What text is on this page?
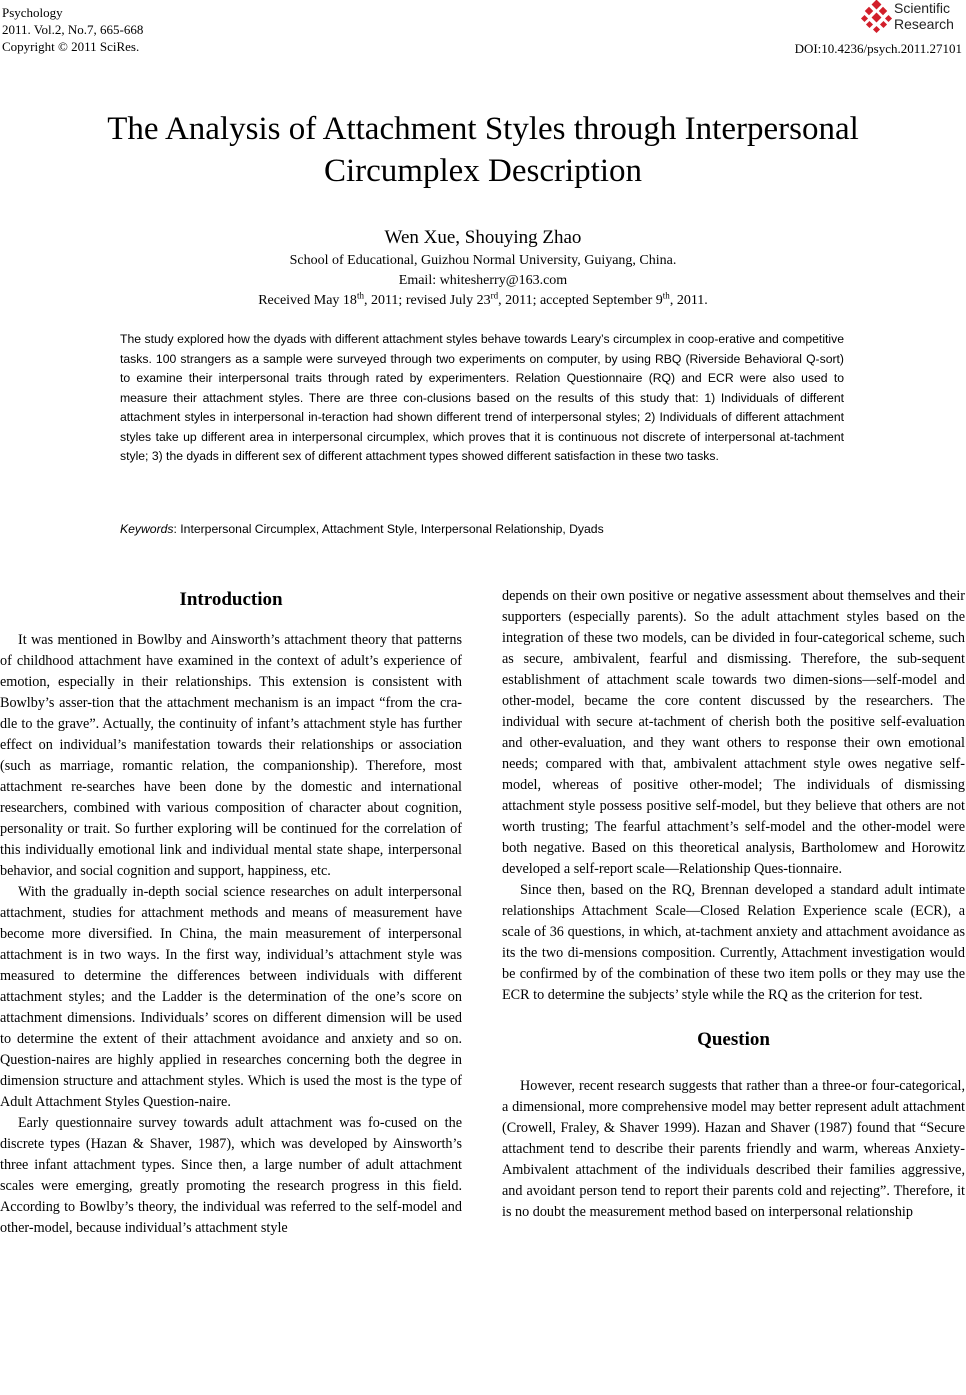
Psychology
2011. Vol.2, No.7, 665-668
Copyright © 2011 SciRes.
Scientific
Research
DOI:10.4236/psych.2011.27101
The Analysis of Attachment Styles through Interpersonal
Circumplex Description
Wen Xue, Shouying Zhao
School of Educational, Guizhou Normal University, Guiyang, China.
Email: whitesherry@163.com
Received May 18th, 2011; revised July 23rd, 2011; accepted September 9th, 2011.
The study explored how the dyads with different attachment styles behave towards Leary’s circumplex in coop-erative and competitive tasks. 100 strangers as a sample were surveyed through two experiments on computer, by using RBQ (Riverside Behavioral Q-sort) to examine their interpersonal traits through rated by experimenters. Relation Questionnaire (RQ) and ECR were also used to measure their attachment styles. There are three con-clusions based on the results of this study that: 1) Individuals of different attachment styles in interpersonal in-teraction had shown different trend of interpersonal styles; 2) Individuals of different attachment styles take up different area in interpersonal circumplex, which proves that it is continuous not discrete of interpersonal at-tachment style; 3) the dyads in different sex of different attachment types showed different satisfaction in these two tasks.
Keywords: Interpersonal Circumplex, Attachment Style, Interpersonal Relationship, Dyads
Introduction

It was mentioned in Bowlby and Ainsworth’s attachment theory that patterns of childhood attachment have examined in the context of adult’s experience of emotion, especially in their relationships. This extension is consistent with Bowlby’s asser-tion that the attachment mechanism is an impact “from the cra-dle to the grave”. Actually, the continuity of infant’s attachment style has further effect on individual’s manifestation towards their relationships or association (such as marriage, romantic relation, the companionship). Therefore, most attachment re-searches have been done by the domestic and international researchers, combined with various composition of character about cognition, personality or trait. So further exploring will be continued for the correlation of this individually emotional link and individual mental state shape, interpersonal behavior, and social cognition and support, happiness, etc.

With the gradually in-depth social science researches on adult interpersonal attachment, studies for attachment methods and means of measurement have become more diversified. In China, the main measurement of interpersonal attachment is in two ways. In the first way, individual’s attachment style was measured to determine the differences between individuals with different attachment styles; and the Ladder is the determination of the one’s score on attachment dimensions. Individuals’ scores on different dimension will be used to determine the extent of their attachment avoidance and anxiety and so on. Question-naires are highly applied in researches concerning both the degree in dimension structure and attachment styles. Which is used the most is the type of Adult Attachment Styles Question-naire.

Early questionnaire survey towards adult attachment was fo-cused on the discrete types (Hazan & Shaver, 1987), which was developed by Ainsworth’s three infant attachment types. Since then, a large number of adult attachment scales were emerging, greatly promoting the research progress in this field. According to Bowlby’s theory, the individual was referred to the self-model and other-model, because individual’s attachment style

depends on their own positive or negative assessment about themselves and their supporters (especially parents). So the adult attachment styles based on the integration of these two models, can be divided in four-categorical scheme, such as secure, ambivalent, fearful and dismissing. Therefore, the sub-sequent establishment of attachment scale towards two dimen-sions—self-model and other-model, became the core content discussed by the researchers. The individual with secure at-tachment of cherish both the positive self-evaluation and other-evaluation, and they want others to response their own emotional needs; compared with that, ambivalent attachment style owes negative self-model, whereas of positive other-model; The individuals of dismissing attachment style possess positive self-model, but they believe that others are not worth trusting; The fearful attachment’s self-model and the other-model were both negative. Based on this theoretical analysis, Bartholomew and Horowitz developed a self-report scale—Relationship Ques-tionnaire.

Since then, based on the RQ, Brennan developed a standard adult intimate relationships Attachment Scale—Closed Relation Experience scale (ECR), a scale of 36 questions, in which, at-tachment anxiety and attachment avoidance as its the two di-mensions composition. Currently, Attachment investigation would be confirmed by of the combination of these two item polls or they may use the ECR to determine the subjects’ style while the RQ as the criterion for test.

Question

However, recent research suggests that rather than a three-or four-categorical, a dimensional, more comprehensive model may better represent adult attachment (Crowell, Fraley, & Shaver 1999). Hazan and Shaver (1987) found that “Secure attachment tend to describe their parents friendly and warm, whereas Anxiety-Ambivalent attachment of the individuals described their families aggressive, and avoidant person tend to report their parents cold and rejecting”. Therefore, it is no doubt the measurement method based on interpersonal relationship
